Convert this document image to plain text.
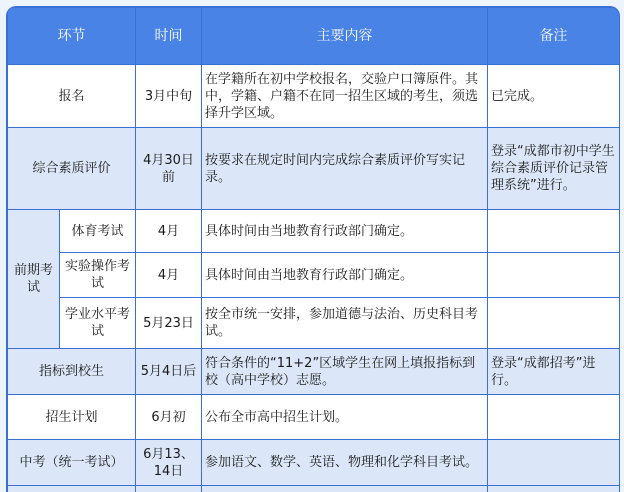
环节		时间	主要内容	备注
报名		3月中旬	在学籍所在初中学校报名，交验户口簿原件。其中，学籍、户籍不在同一招生区域的考生，须选择升学区域。	已完成。
综合素质评价		4月30日前	按要求在规定时间内完成综合素质评价写实记录。	登录“成都市初中学生综合素质评价记录管理系统”进行。
前期考试	体育考试	4月	具体时间由当地教育行政部门确定。	
	实验操作考试	4月	具体时间由当地教育行政部门确定。	
	学业水平考试	5月23日	按全市统一安排，参加道德与法治、历史科目考试。	
指标到校生		5月4日后	符合条件的“11+2”区域学生在网上填报指标到校（高中学校）志愿。	登录“成都招考”进行。
招生计划		6月初	公布全市高中招生计划。	
中考（统一考试）		6月13、14日	参加语文、数学、英语、物理和化学科目考试。	
